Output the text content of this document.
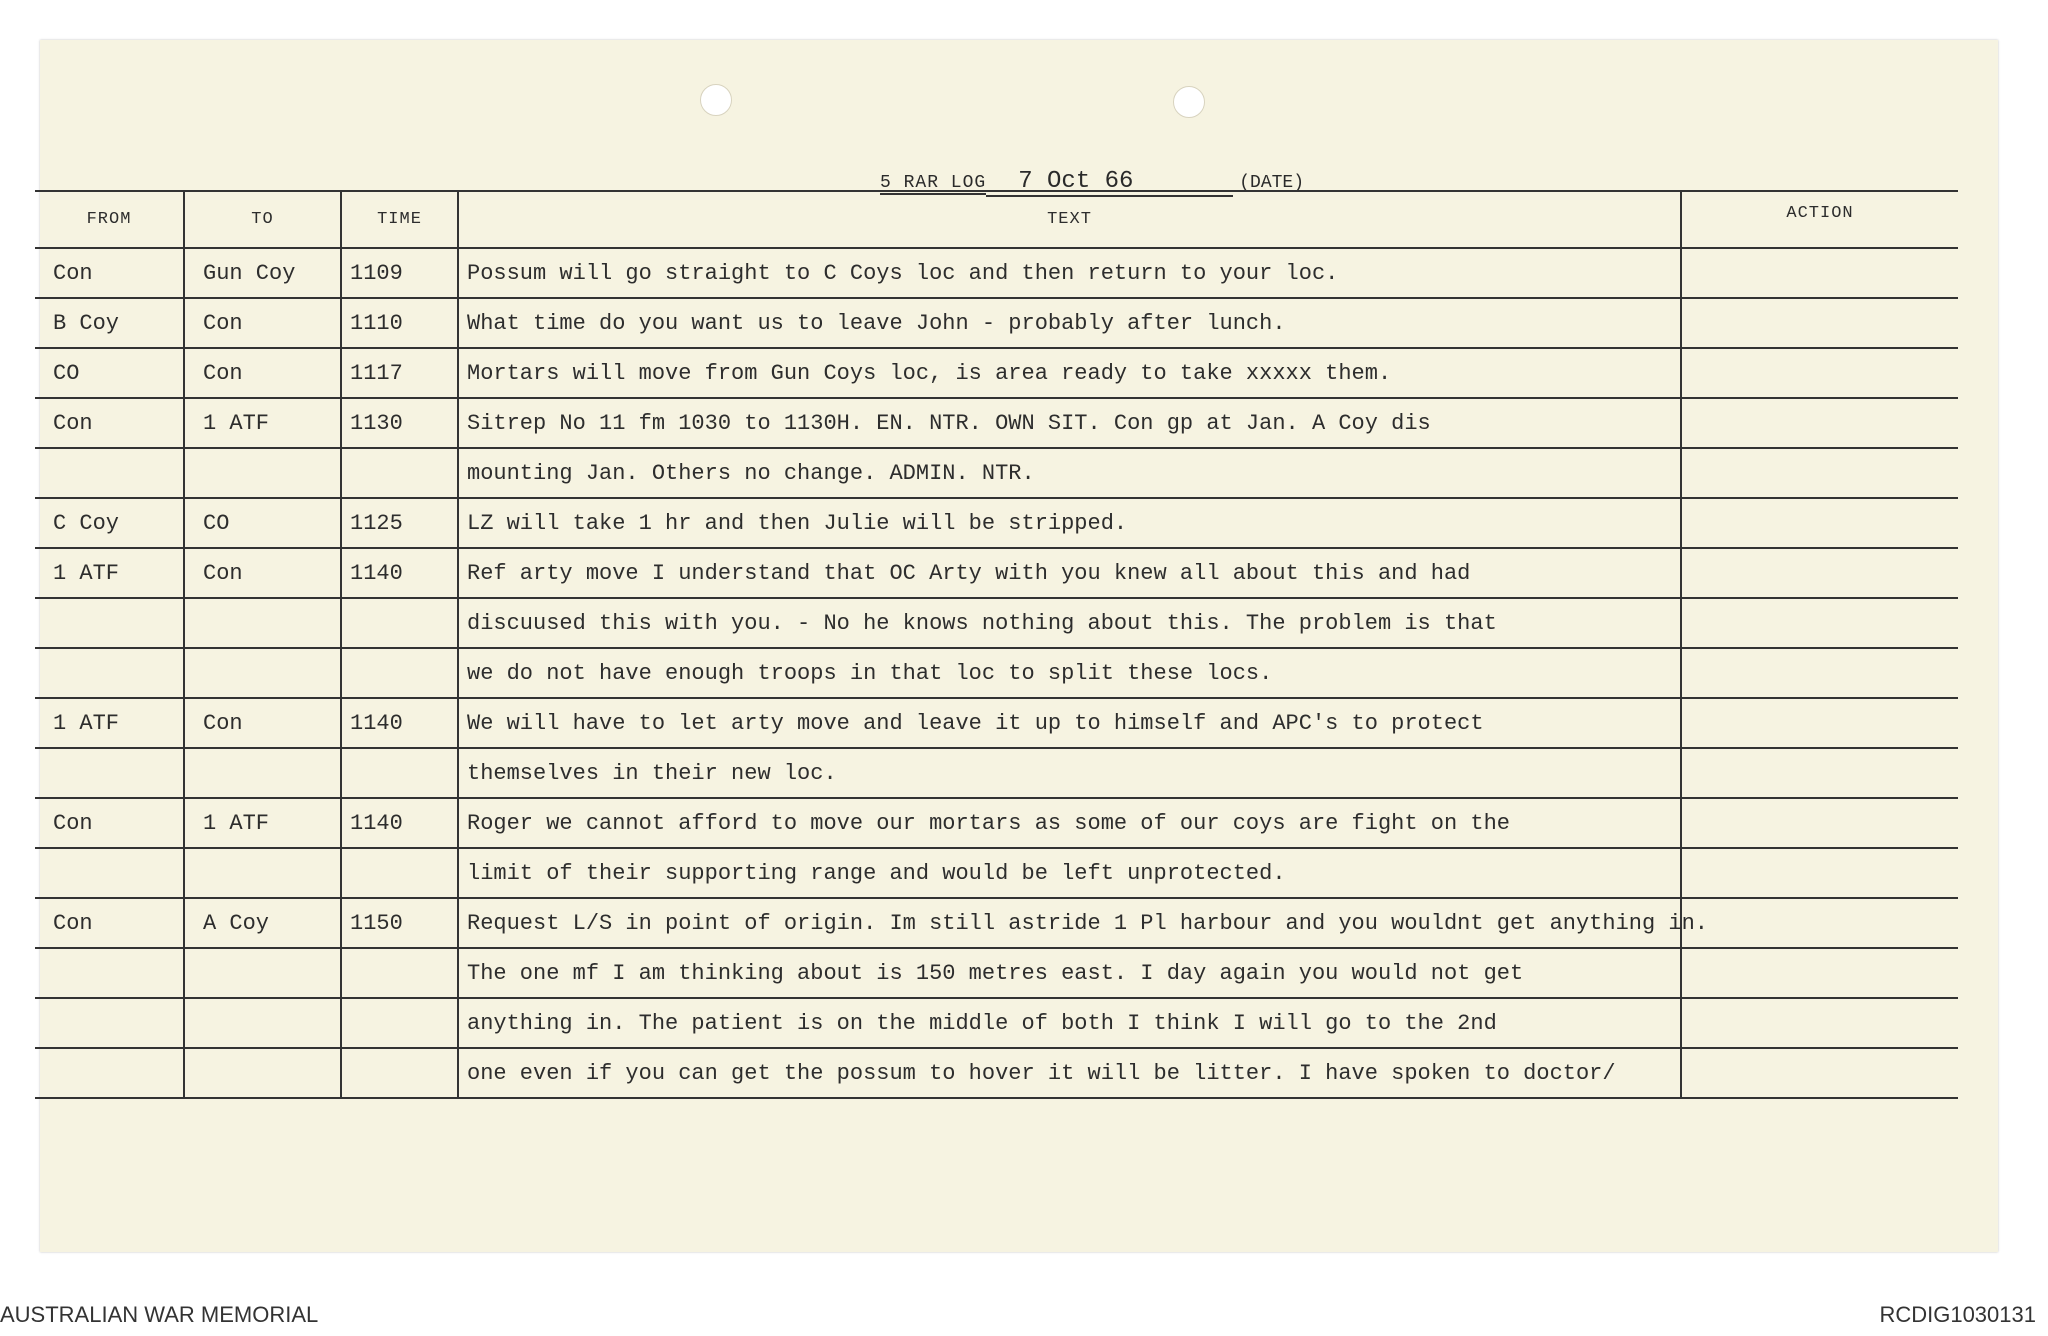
5 RAR LOG 7 Oct 66	(DATE)
FROM	TO	TIME	TEXT	ACTION
Con	Gun Coy	1109	Possum will go straight to C Coys loc and then return to your loc.	
B Coy	Con	1110	What time do you want us to leave John - probably after lunch.	
CO	Con	1117	Mortars will move from Gun Coys loc, is area ready to take xxxxx them.	
Con	1 ATF	1130	Sitrep No 11 fm 1030 to 1130H. EN. NTR. OWN SIT. Con gp at Jan. A Coy dis	
			mounting Jan. Others no change. ADMIN. NTR.	
C Coy	CO	1125	LZ will take 1 hr and then Julie will be stripped.	
1 ATF	Con	1140	Ref arty move I understand that OC Arty with you knew all about this and had	
			discuused this with you. - No he knows nothing about this. The problem is that	
			we do not have enough troops in that loc to split these locs.	
1 ATF	Con	1140	We will have to let arty move and leave it up to himself and APC's to protect	
			themselves in their new loc.	
Con	1 ATF	1140	Roger we cannot afford to move our mortars as some of our coys are fight on the	
			limit of their supporting range and would be left unprotected.	
Con	A Coy	1150	Request L/S in point of origin. Im still astride 1 Pl harbour and you wouldnt get anything in.	
			The one mf I am thinking about is 150 metres east. I day again you would not get	
			anything in. The patient is on the middle of both I think I will go to the 2nd	
			one even if you can get the possum to hover it will be litter. I have spoken to doctor/	
AUSTRALIAN WAR MEMORIAL	RCDIG1030131
